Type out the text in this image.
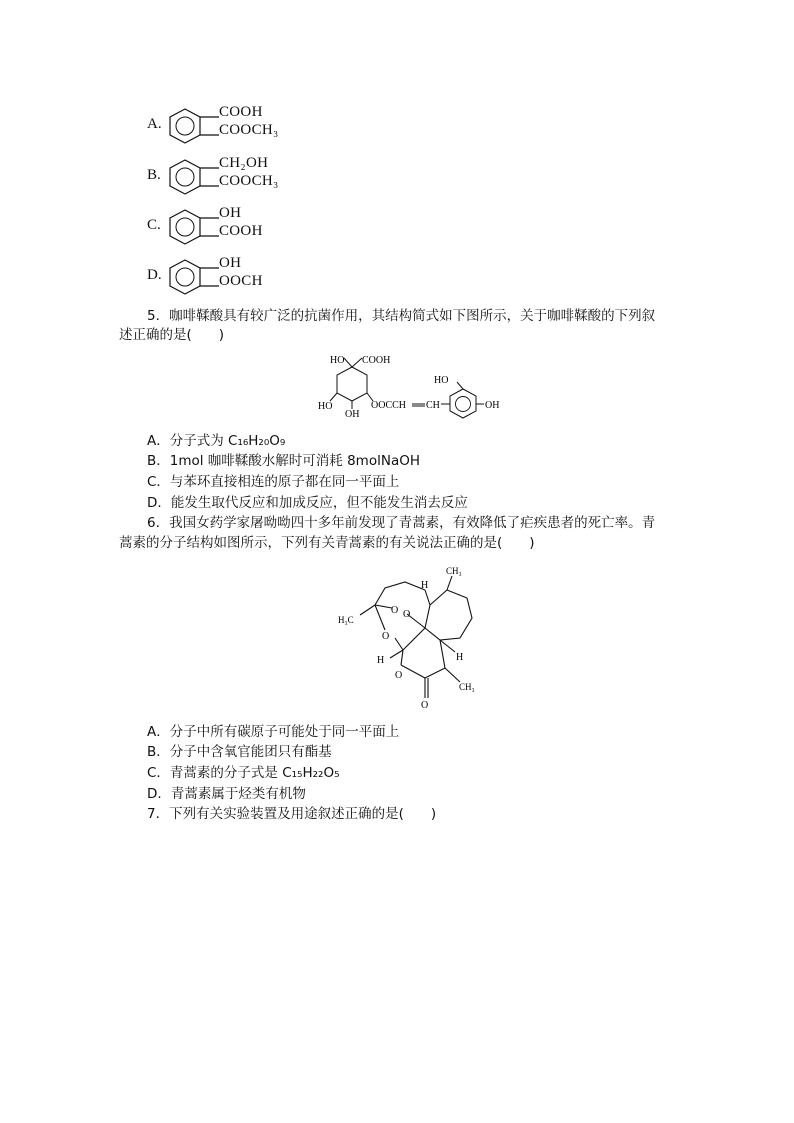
A.
COOH
COOCH₃
B.
CH₂OH
COOCH₃
C.
OH
COOH
D.
OH
OOCH
5．咖啡鞣酸具有较广泛的抗菌作用，其结构简式如下图所示，关于咖啡鞣酸的下列叙
述正确的是(　　)
HO COOH
HO
OH
OOCCH CH
HO
OH
A．分子式为 C₁₆H₂₀O₉
B．1mol 咖啡鞣酸水解时可消耗 8molNaOH
C．与苯环直接相连的原子都在同一平面上
D．能发生取代反应和加成反应，但不能发生消去反应
6．我国女药学家屠呦呦四十多年前发现了青蒿素，有效降低了疟疾患者的死亡率。青
蒿素的分子结构如图所示，下列有关青蒿素的有关说法正确的是(　　)
H
CH₃
H₃C
O O
O
H
O
H
CH₃
O
A．分子中所有碳原子可能处于同一平面上
B．分子中含氧官能团只有酯基
C．青蒿素的分子式是 C₁₅H₂₂O₅
D．青蒿素属于烃类有机物
7．下列有关实验装置及用途叙述正确的是(　　)
